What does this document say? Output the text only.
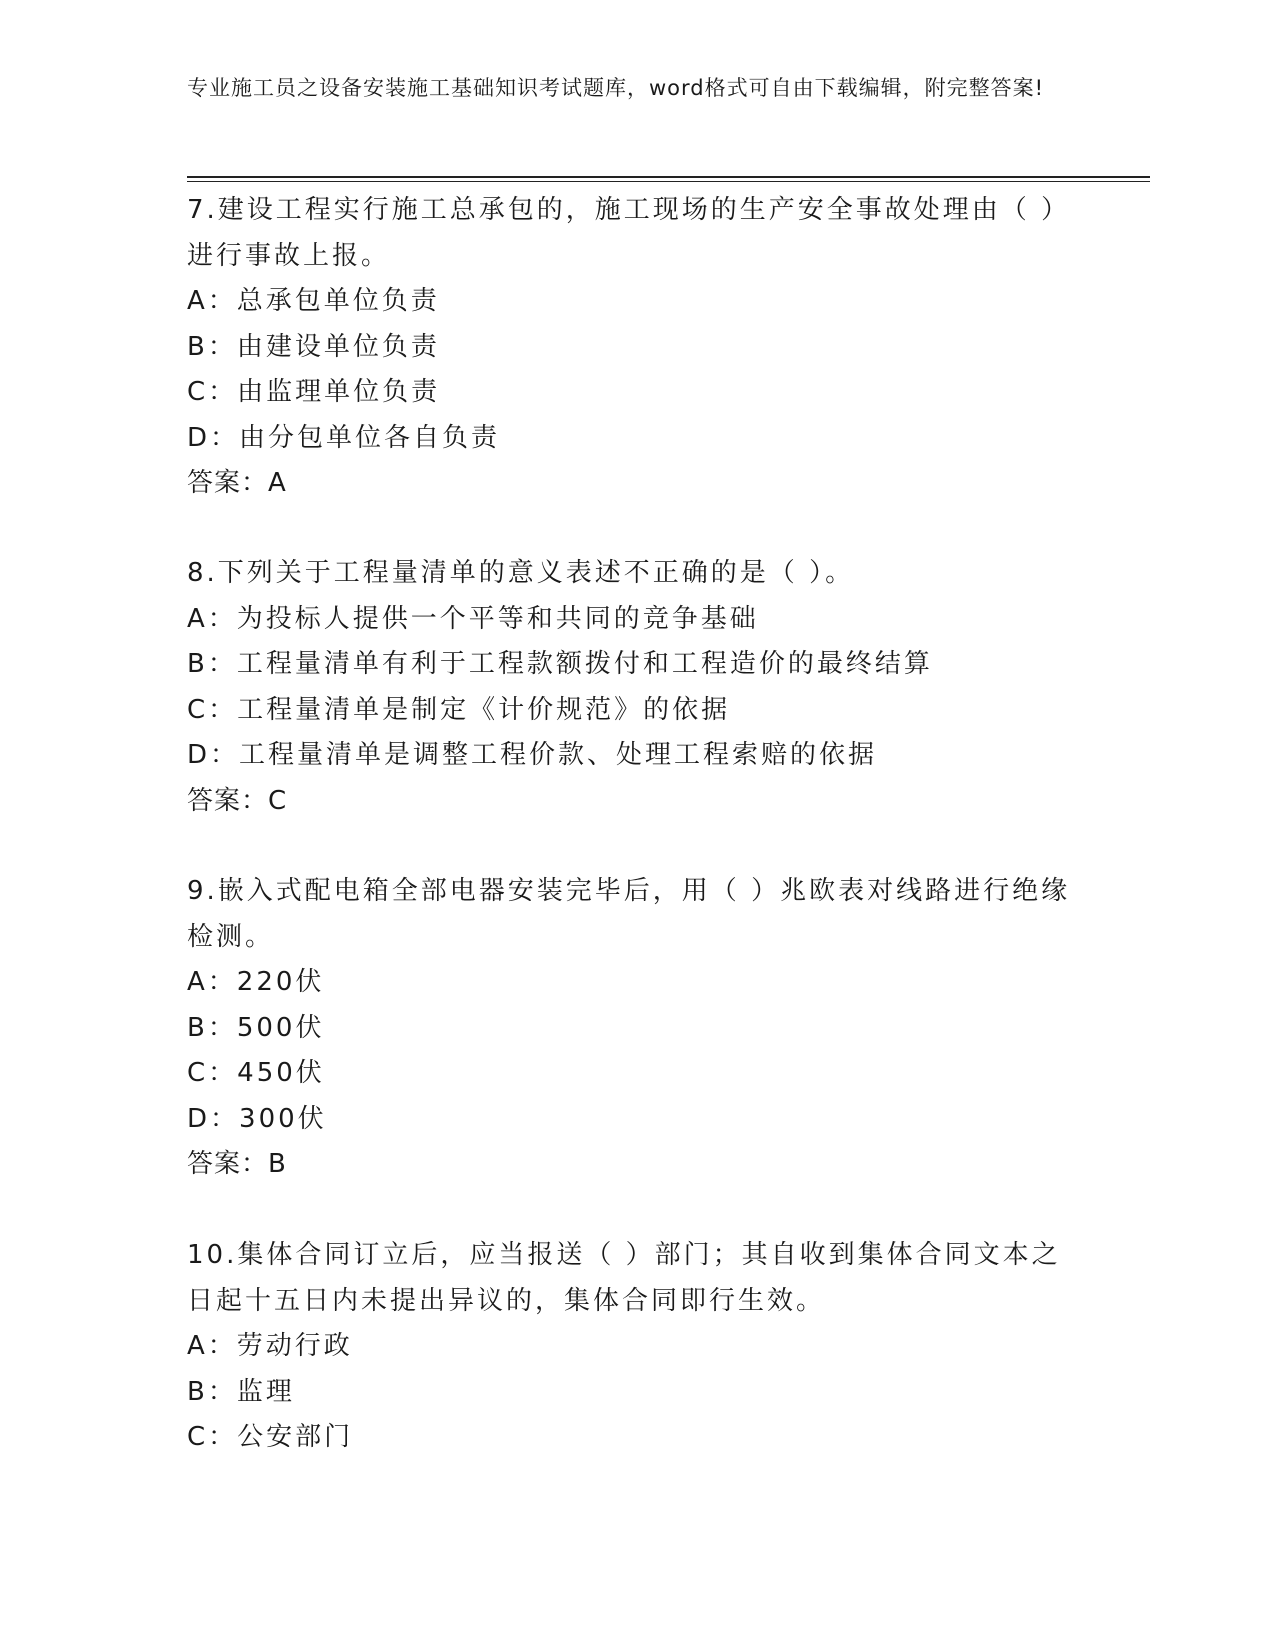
专业施工员之设备安装施工基础知识考试题库，word格式可自由下载编辑，附完整答案!

7.建设工程实行施工总承包的，施工现场的生产安全事故处理由（ ）进行事故上报。

A：总承包单位负责

B：由建设单位负责

C：由监理单位负责

D：由分包单位各自负责

答案：A

8.下列关于工程量清单的意义表述不正确的是（ ）。

A：为投标人提供一个平等和共同的竞争基础

B：工程量清单有利于工程款额拨付和工程造价的最终结算

C：工程量清单是制定《计价规范》的依据

D：工程量清单是调整工程价款、处理工程索赔的依据

答案：C

9.嵌入式配电箱全部电器安装完毕后，用（ ）兆欧表对线路进行绝缘检测。

A：220伏

B：500伏

C：450伏

D：300伏

答案：B

10.集体合同订立后，应当报送（ ）部门；其自收到集体合同文本之日起十五日内未提出异议的，集体合同即行生效。

A：劳动行政

B：监理

C：公安部门
